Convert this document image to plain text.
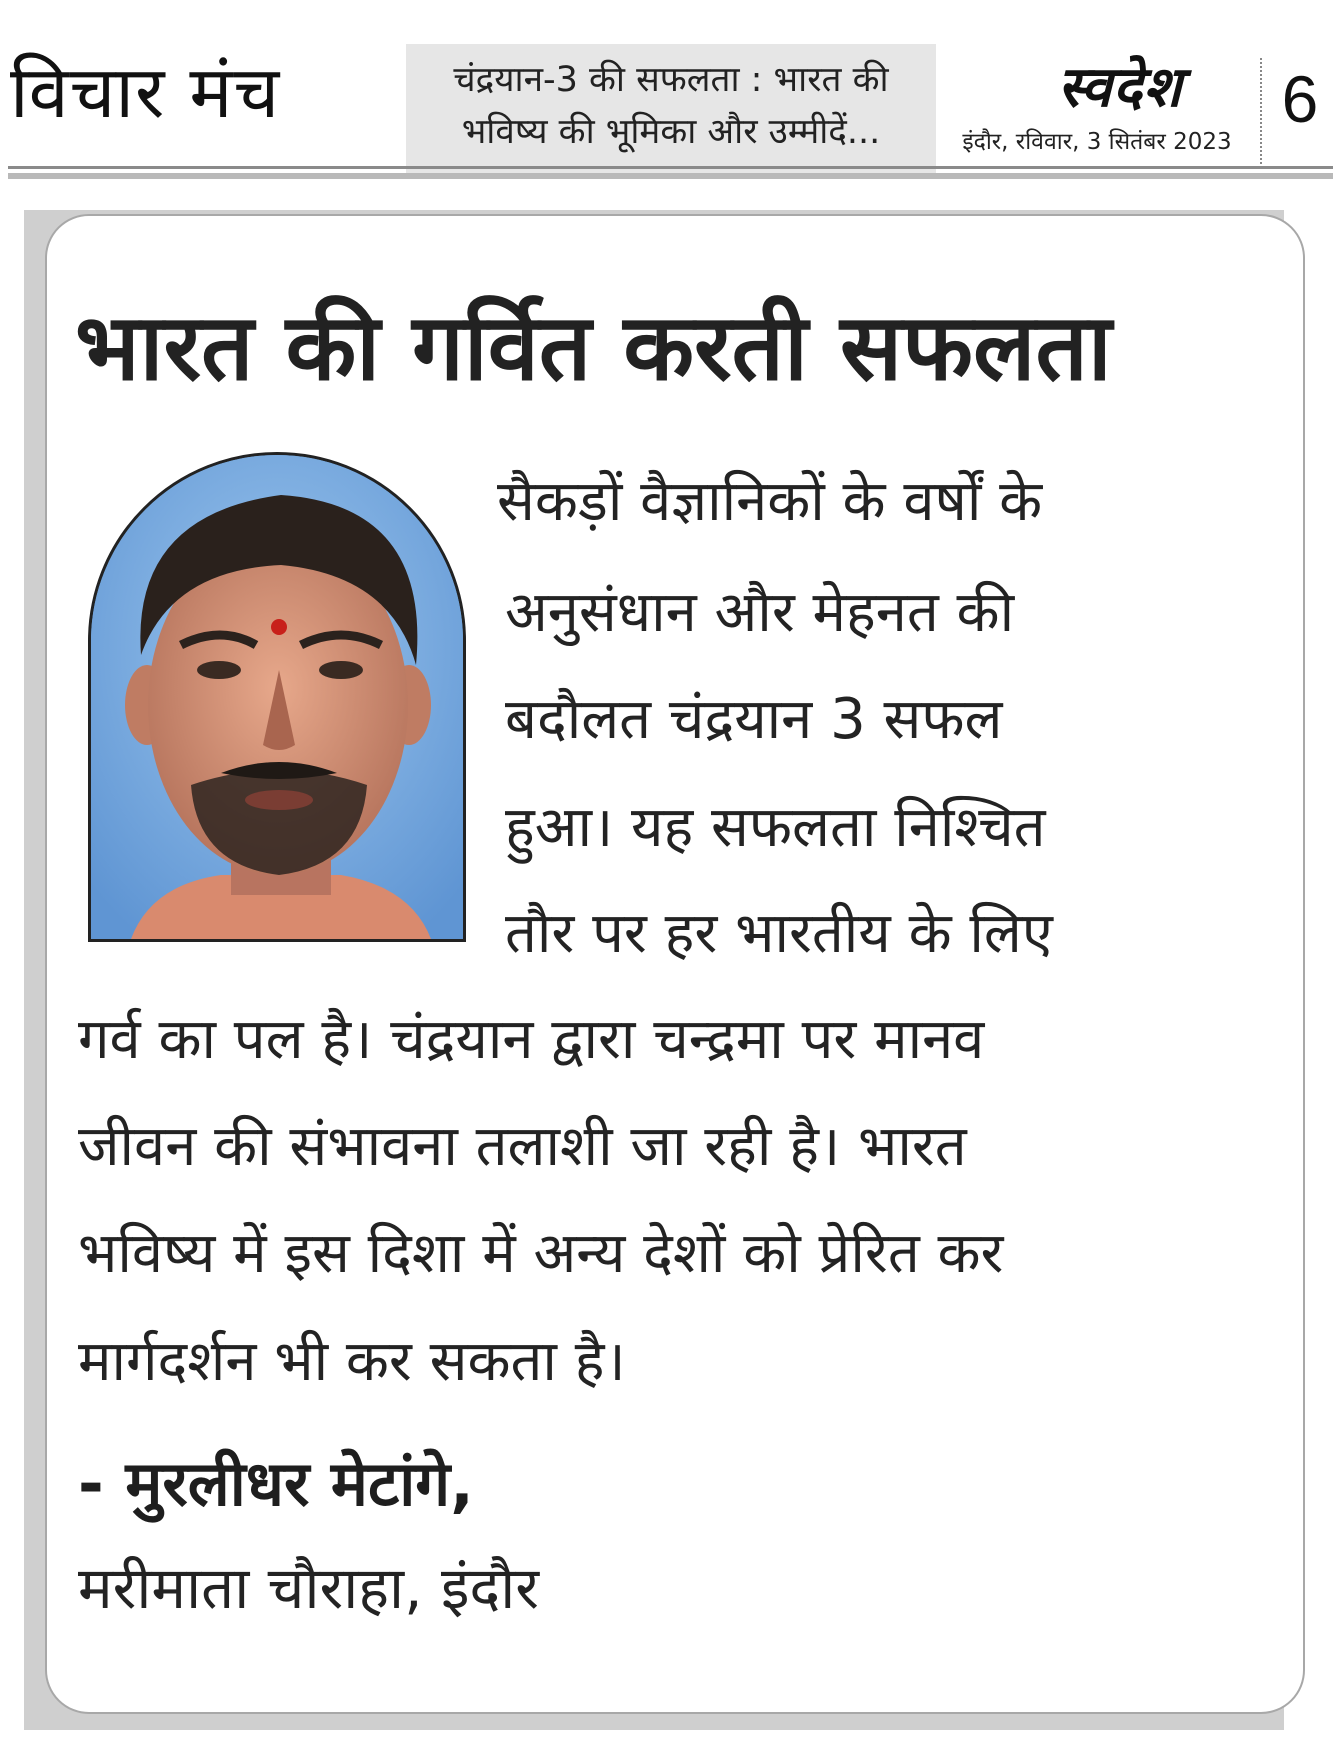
विचार मंच	चंद्रयान-3 की सफलता : भारत की
भविष्य की भूमिका और उम्मीदें...
स्वदेश
इंदौर, रविवार, 3 सितंबर 2023
6
भारत की गर्वित करती सफलता
सैकड़ों वैज्ञानिकों के वर्षों के
अनुसंधान और मेहनत की
बदौलत चंद्रयान 3 सफल
हुआ। यह सफलता निश्चित
तौर पर हर भारतीय के लिए
गर्व का पल है। चंद्रयान द्वारा चन्द्रमा पर मानव
जीवन की संभावना तलाशी जा रही है। भारत
भविष्य में इस दिशा में अन्य देशों को प्रेरित कर
मार्गदर्शन भी कर सकता है।
- मुरलीधर मेटांगे,
मरीमाता चौराहा, इंदौर
